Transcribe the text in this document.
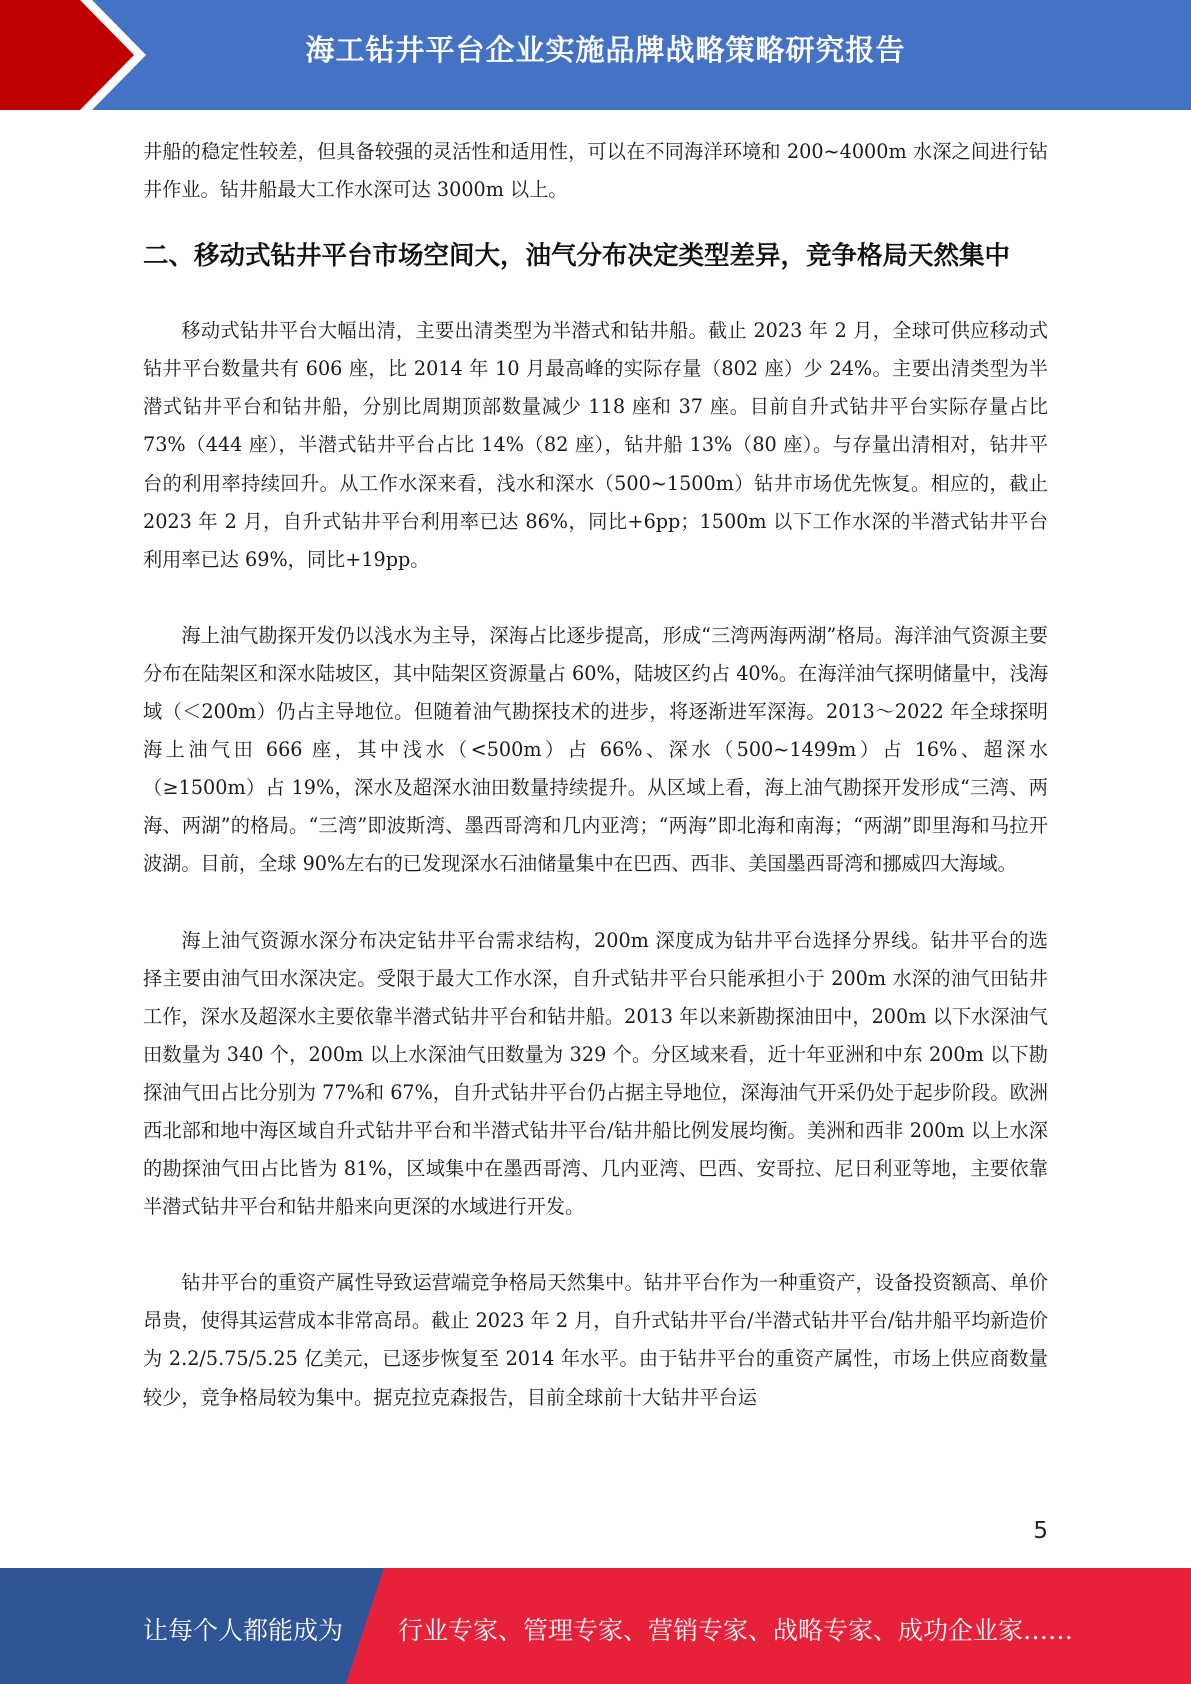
海工钻井平台企业实施品牌战略策略研究报告

井船的稳定性较差，但具备较强的灵活性和适用性，可以在不同海洋环境和 200~4000m 水深之间进行钻井作业。钻井船最大工作水深可达 3000m 以上。

二、移动式钻井平台市场空间大，油气分布决定类型差异，竞争格局天然集中

移动式钻井平台大幅出清，主要出清类型为半潜式和钻井船。截止 2023 年 2 月，全球可供应移动式钻井平台数量共有 606 座，比 2014 年 10 月最高峰的实际存量（802 座）少 24%。主要出清类型为半潜式钻井平台和钻井船，分别比周期顶部数量减少 118 座和 37 座。目前自升式钻井平台实际存量占比 73%（444 座），半潜式钻井平台占比 14%（82 座），钻井船 13%（80 座）。与存量出清相对，钻井平台的利用率持续回升。从工作水深来看，浅水和深水（500~1500m）钻井市场优先恢复。相应的，截止 2023 年 2 月，自升式钻井平台利用率已达 86%，同比+6pp；1500m 以下工作水深的半潜式钻井平台利用率已达 69%，同比+19pp。

海上油气勘探开发仍以浅水为主导，深海占比逐步提高，形成“三湾两海两湖”格局。海洋油气资源主要分布在陆架区和深水陆坡区，其中陆架区资源量占 60%，陆坡区约占 40%。在海洋油气探明储量中，浅海域（＜200m）仍占主导地位。但随着油气勘探技术的进步，将逐渐进军深海。2013～2022 年全球探明海上油气田 666 座，其中浅水（<500m）占 66%、深水（500~1499m）占 16%、超深水（≥1500m）占 19%，深水及超深水油田数量持续提升。从区域上看，海上油气勘探开发形成“三湾、两海、两湖”的格局。“三湾”即波斯湾、墨西哥湾和几内亚湾；“两海”即北海和南海；“两湖”即里海和马拉开波湖。目前，全球 90%左右的已发现深水石油储量集中在巴西、西非、美国墨西哥湾和挪威四大海域。

海上油气资源水深分布决定钻井平台需求结构，200m 深度成为钻井平台选择分界线。钻井平台的选择主要由油气田水深决定。受限于最大工作水深，自升式钻井平台只能承担小于 200m 水深的油气田钻井工作，深水及超深水主要依靠半潜式钻井平台和钻井船。2013 年以来新勘探油田中，200m 以下水深油气田数量为 340 个，200m 以上水深油气田数量为 329 个。分区域来看，近十年亚洲和中东 200m 以下勘探油气田占比分别为 77%和 67%，自升式钻井平台仍占据主导地位，深海油气开采仍处于起步阶段。欧洲西北部和地中海区域自升式钻井平台和半潜式钻井平台/钻井船比例发展均衡。美洲和西非 200m 以上水深的勘探油气田占比皆为 81%，区域集中在墨西哥湾、几内亚湾、巴西、安哥拉、尼日利亚等地，主要依靠半潜式钻井平台和钻井船来向更深的水域进行开发。

钻井平台的重资产属性导致运营端竞争格局天然集中。钻井平台作为一种重资产，设备投资额高、单价昂贵，使得其运营成本非常高昂。截止 2023 年 2 月，自升式钻井平台/半潜式钻井平台/钻井船平均新造价为 2.2/5.75/5.25 亿美元，已逐步恢复至 2014 年水平。由于钻井平台的重资产属性，市场上供应商数量较少，竞争格局较为集中。据克拉克森报告，目前全球前十大钻井平台运

5
让每个人都能成为 行业专家、管理专家、营销专家、战略专家、成功企业家……
